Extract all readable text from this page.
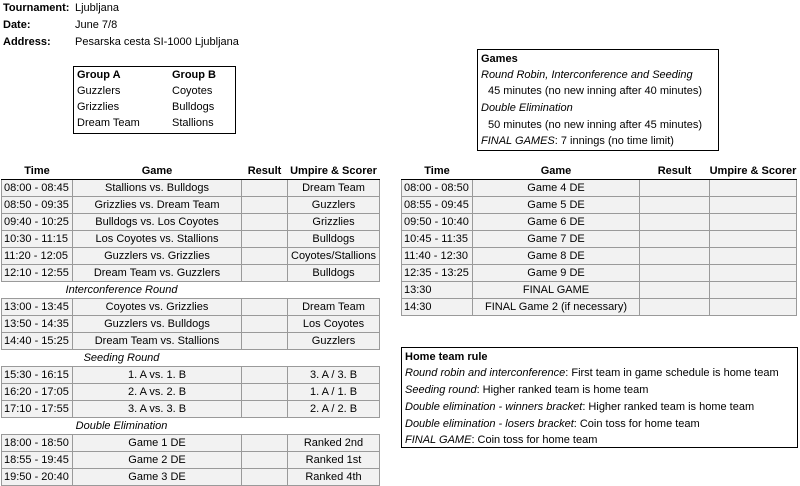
Tournament: Ljubljana
Date:	June 7/8
Address: Pesarska cesta SI-1000 Ljubljana
Group A	Group B
Guzzlers	Coyotes
Grizzlies	Bulldogs
Dream Team	Stallions
Games
Round Robin, Interconference and Seeding
45 minutes (no new inning after 40 minutes)
Double Elimination
50 minutes (no new inning after 45 minutes)
FINAL GAMES: 7 innings (no time limit)
Time	Game	Result	Umpire & Scorer
08:00 - 08:45	Stallions vs. Bulldogs		Dream Team
08:50 - 09:35	Grizzlies vs. Dream Team		Guzzlers
09:40 - 10:25	Bulldogs vs. Los Coyotes		Grizzlies
10:30 - 11:15	Los Coyotes vs. Stallions		Bulldogs
11:20 - 12:05	Guzzlers vs. Grizzlies		Coyotes/Stallions
12:10 - 12:55	Dream Team vs. Guzzlers		Bulldogs
Interconference Round			
13:00 - 13:45	Coyotes vs. Grizzlies		Dream Team
13:50 - 14:35	Guzzlers vs. Bulldogs		Los Coyotes
14:40 - 15:25	Dream Team vs. Stallions		Guzzlers
Seeding Round			
15:30 - 16:15	1. A vs. 1. B		3. A / 3. B
16:20 - 17:05	2. A vs. 2. B		1. A / 1. B
17:10 - 17:55	3. A vs. 3. B		2. A / 2. B
Double Elimination			
18:00 - 18:50	Game 1 DE		Ranked 2nd
18:55 - 19:45	Game 2 DE		Ranked 1st
19:50 - 20:40	Game 3 DE		Ranked 4th
Time	Game	Result	Umpire & Scorer
08:00 - 08:50	Game 4 DE		
08:55 - 09:45	Game 5 DE		
09:50 - 10:40	Game 6 DE		
10:45 - 11:35	Game 7 DE		
11:40 - 12:30	Game 8 DE		
12:35 - 13:25	Game 9 DE		
13:30	FINAL GAME		
14:30	FINAL Game 2 (if necessary)		
Home team rule
Round robin and interconference: First team in game schedule is home team
Seeding round: Higher ranked team is home team
Double elimination - winners bracket: Higher ranked team is home team
Double elimination - losers bracket: Coin toss for home team
FINAL GAME: Coin toss for home team
